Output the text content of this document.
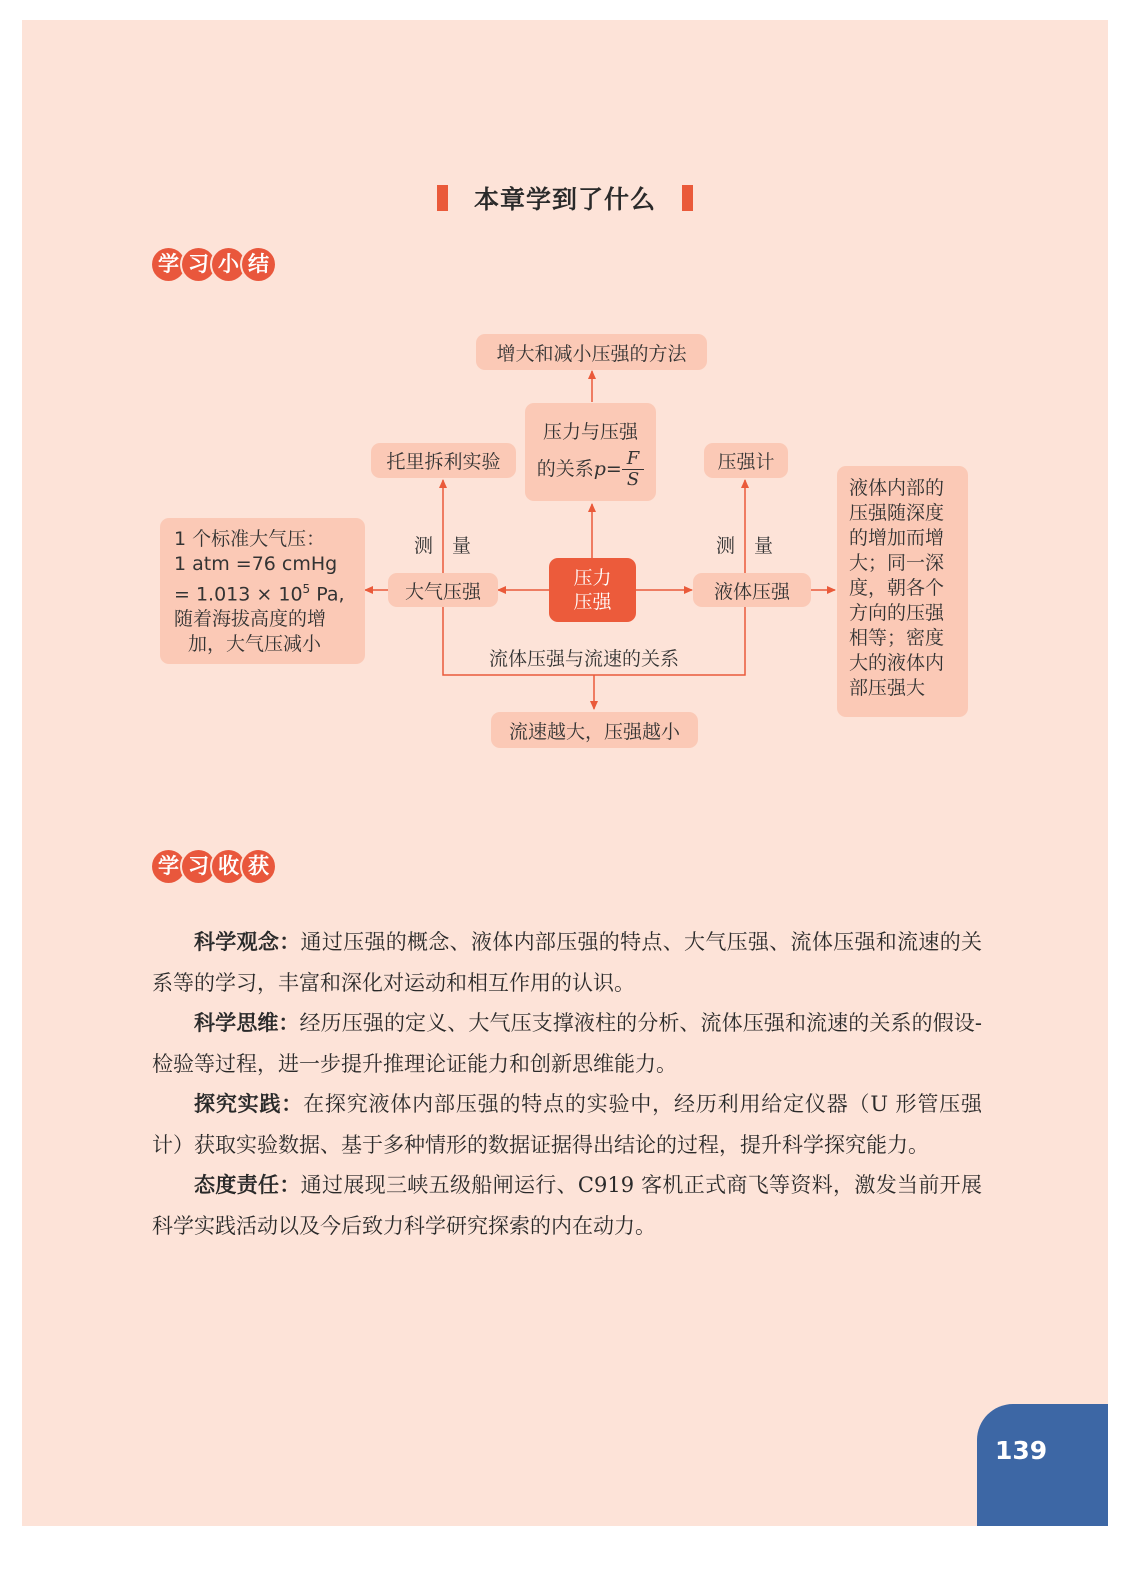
本章学到了什么
学 习 小 结
增大和减小压强的方法
压力与压强
的关系 $p = \frac{F}{S}$
托里拆利实验	压强计
测　量	测　量
压力
压强
大气压强	液体压强
1 个标准大气压：
1 atm =76 cmHg
= $1.013 \times 10^5$ Pa,
随着海拔高度的增
加，大气压减小
液体内部的压强随深度的增加而增大；同一深度，朝各个方向的压强相等；密度大的液体内部压强大
流体压强与流速的关系
流速越大，压强越小
学 习 收 获

科学观念：通过压强的概念、液体内部压强的特点、大气压强、流体压强和流速的关系等的学习，丰富和深化对运动和相互作用的认识。

科学思维：经历压强的定义、大气压支撑液柱的分析、流体压强和流速的关系的假设-检验等过程，进一步提升推理论证能力和创新思维能力。

探究实践：在探究液体内部压强的特点的实验中，经历利用给定仪器（U 形管压强计）获取实验数据、基于多种情形的数据证据得出结论的过程，提升科学探究能力。

态度责任：通过展现三峡五级船闸运行、C919 客机正式商飞等资料，激发当前开展科学实践活动以及今后致力科学研究探索的内在动力。

139
